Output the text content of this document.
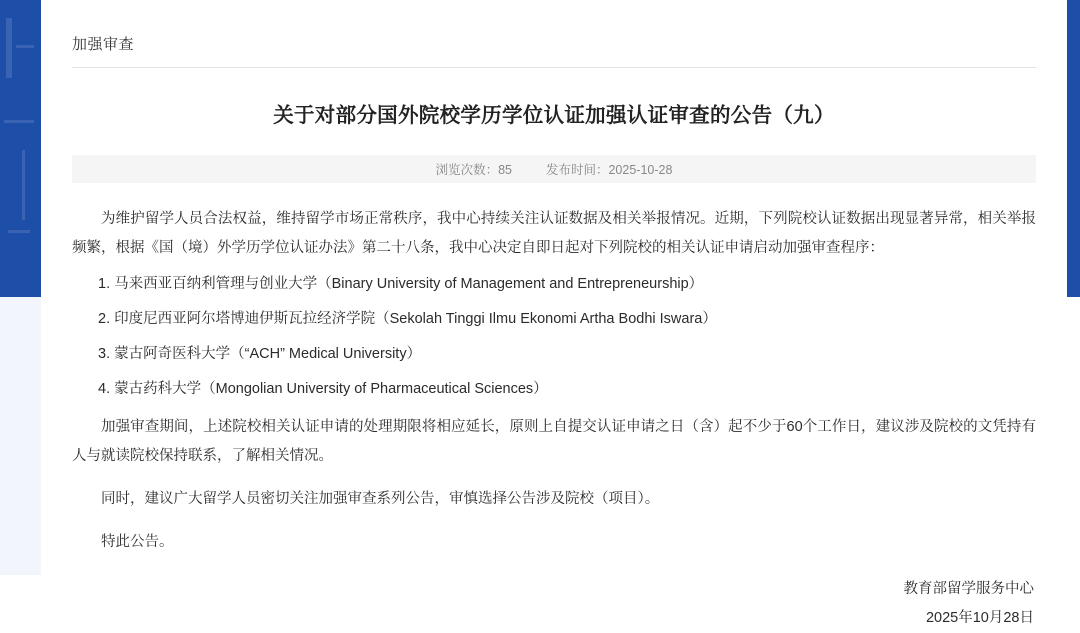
加强审查
关于对部分国外院校学历学位认证加强认证审查的公告（九）
浏览次数：85	发布时间：2025-10-28

为维护留学人员合法权益，维持留学市场正常秩序，我中心持续关注认证数据及相关举报情况。近期，下列院校认证数据出现显著异常，相关举报频繁，根据《国（境）外学历学位认证办法》第二十八条，我中心决定自即日起对下列院校的相关认证申请启动加强审查程序：

1. 马来西亚百纳利管理与创业大学（Binary University of Management and Entrepreneurship）
2. 印度尼西亚阿尔塔博迪伊斯瓦拉经济学院（Sekolah Tinggi Ilmu Ekonomi Artha Bodhi Iswara）
3. 蒙古阿奇医科大学（“ACH” Medical University）
4. 蒙古药科大学（Mongolian University of Pharmaceutical Sciences）

加强审查期间，上述院校相关认证申请的处理期限将相应延长，原则上自提交认证申请之日（含）起不少于60个工作日，建议涉及院校的文凭持有人与就读院校保持联系，了解相关情况。

同时，建议广大留学人员密切关注加强审查系列公告，审慎选择公告涉及院校（项目）。

特此公告。

教育部留学服务中心
2025年10月28日
